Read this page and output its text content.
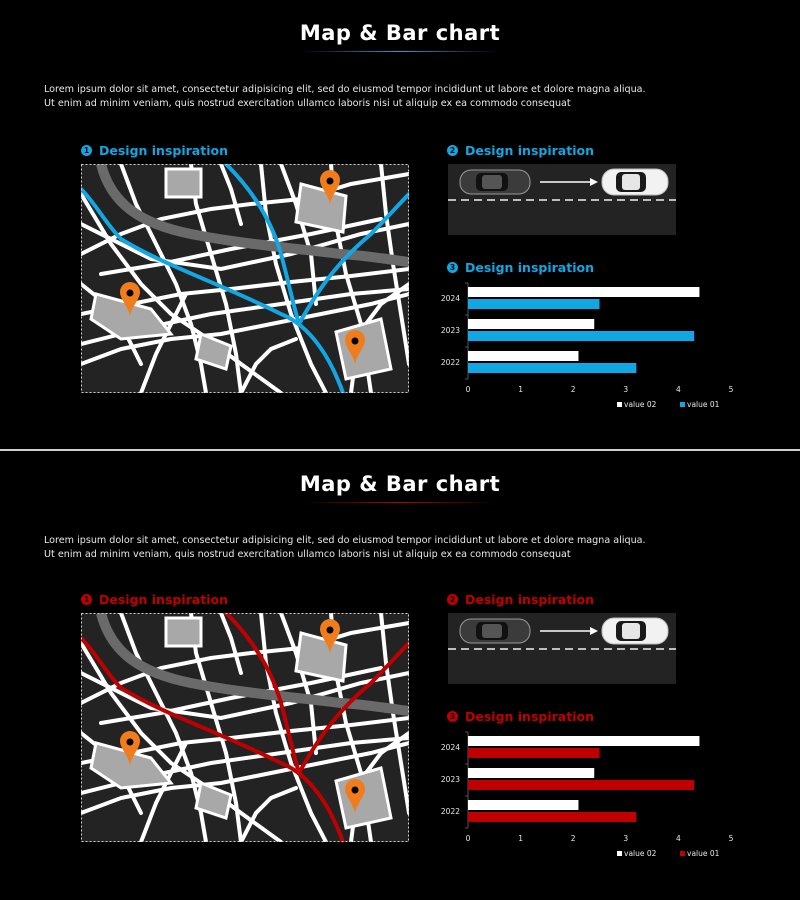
Map & Bar chart
Lorem ipsum dolor sit amet, consectetur adipisicing elit, sed do eiusmod tempor incididunt ut labore et dolore magna aliqua.
Ut enim ad minim veniam, quis nostrud exercitation ullamco laboris nisi ut aliquip ex ea commodo consequat
1 Design inspiration	2 Design inspiration
3 Design inspiration
2024
2023
2022
0	1	2	3	4	5
value 02	value 01
Map & Bar chart
Lorem ipsum dolor sit amet, consectetur adipisicing elit, sed do eiusmod tempor incididunt ut labore et dolore magna aliqua.
Ut enim ad minim veniam, quis nostrud exercitation ullamco laboris nisi ut aliquip ex ea commodo consequat
1 Design inspiration	2 Design inspiration
3 Design inspiration
2024
2023
2022
0	1	2	3	4	5
value 02	value 01
